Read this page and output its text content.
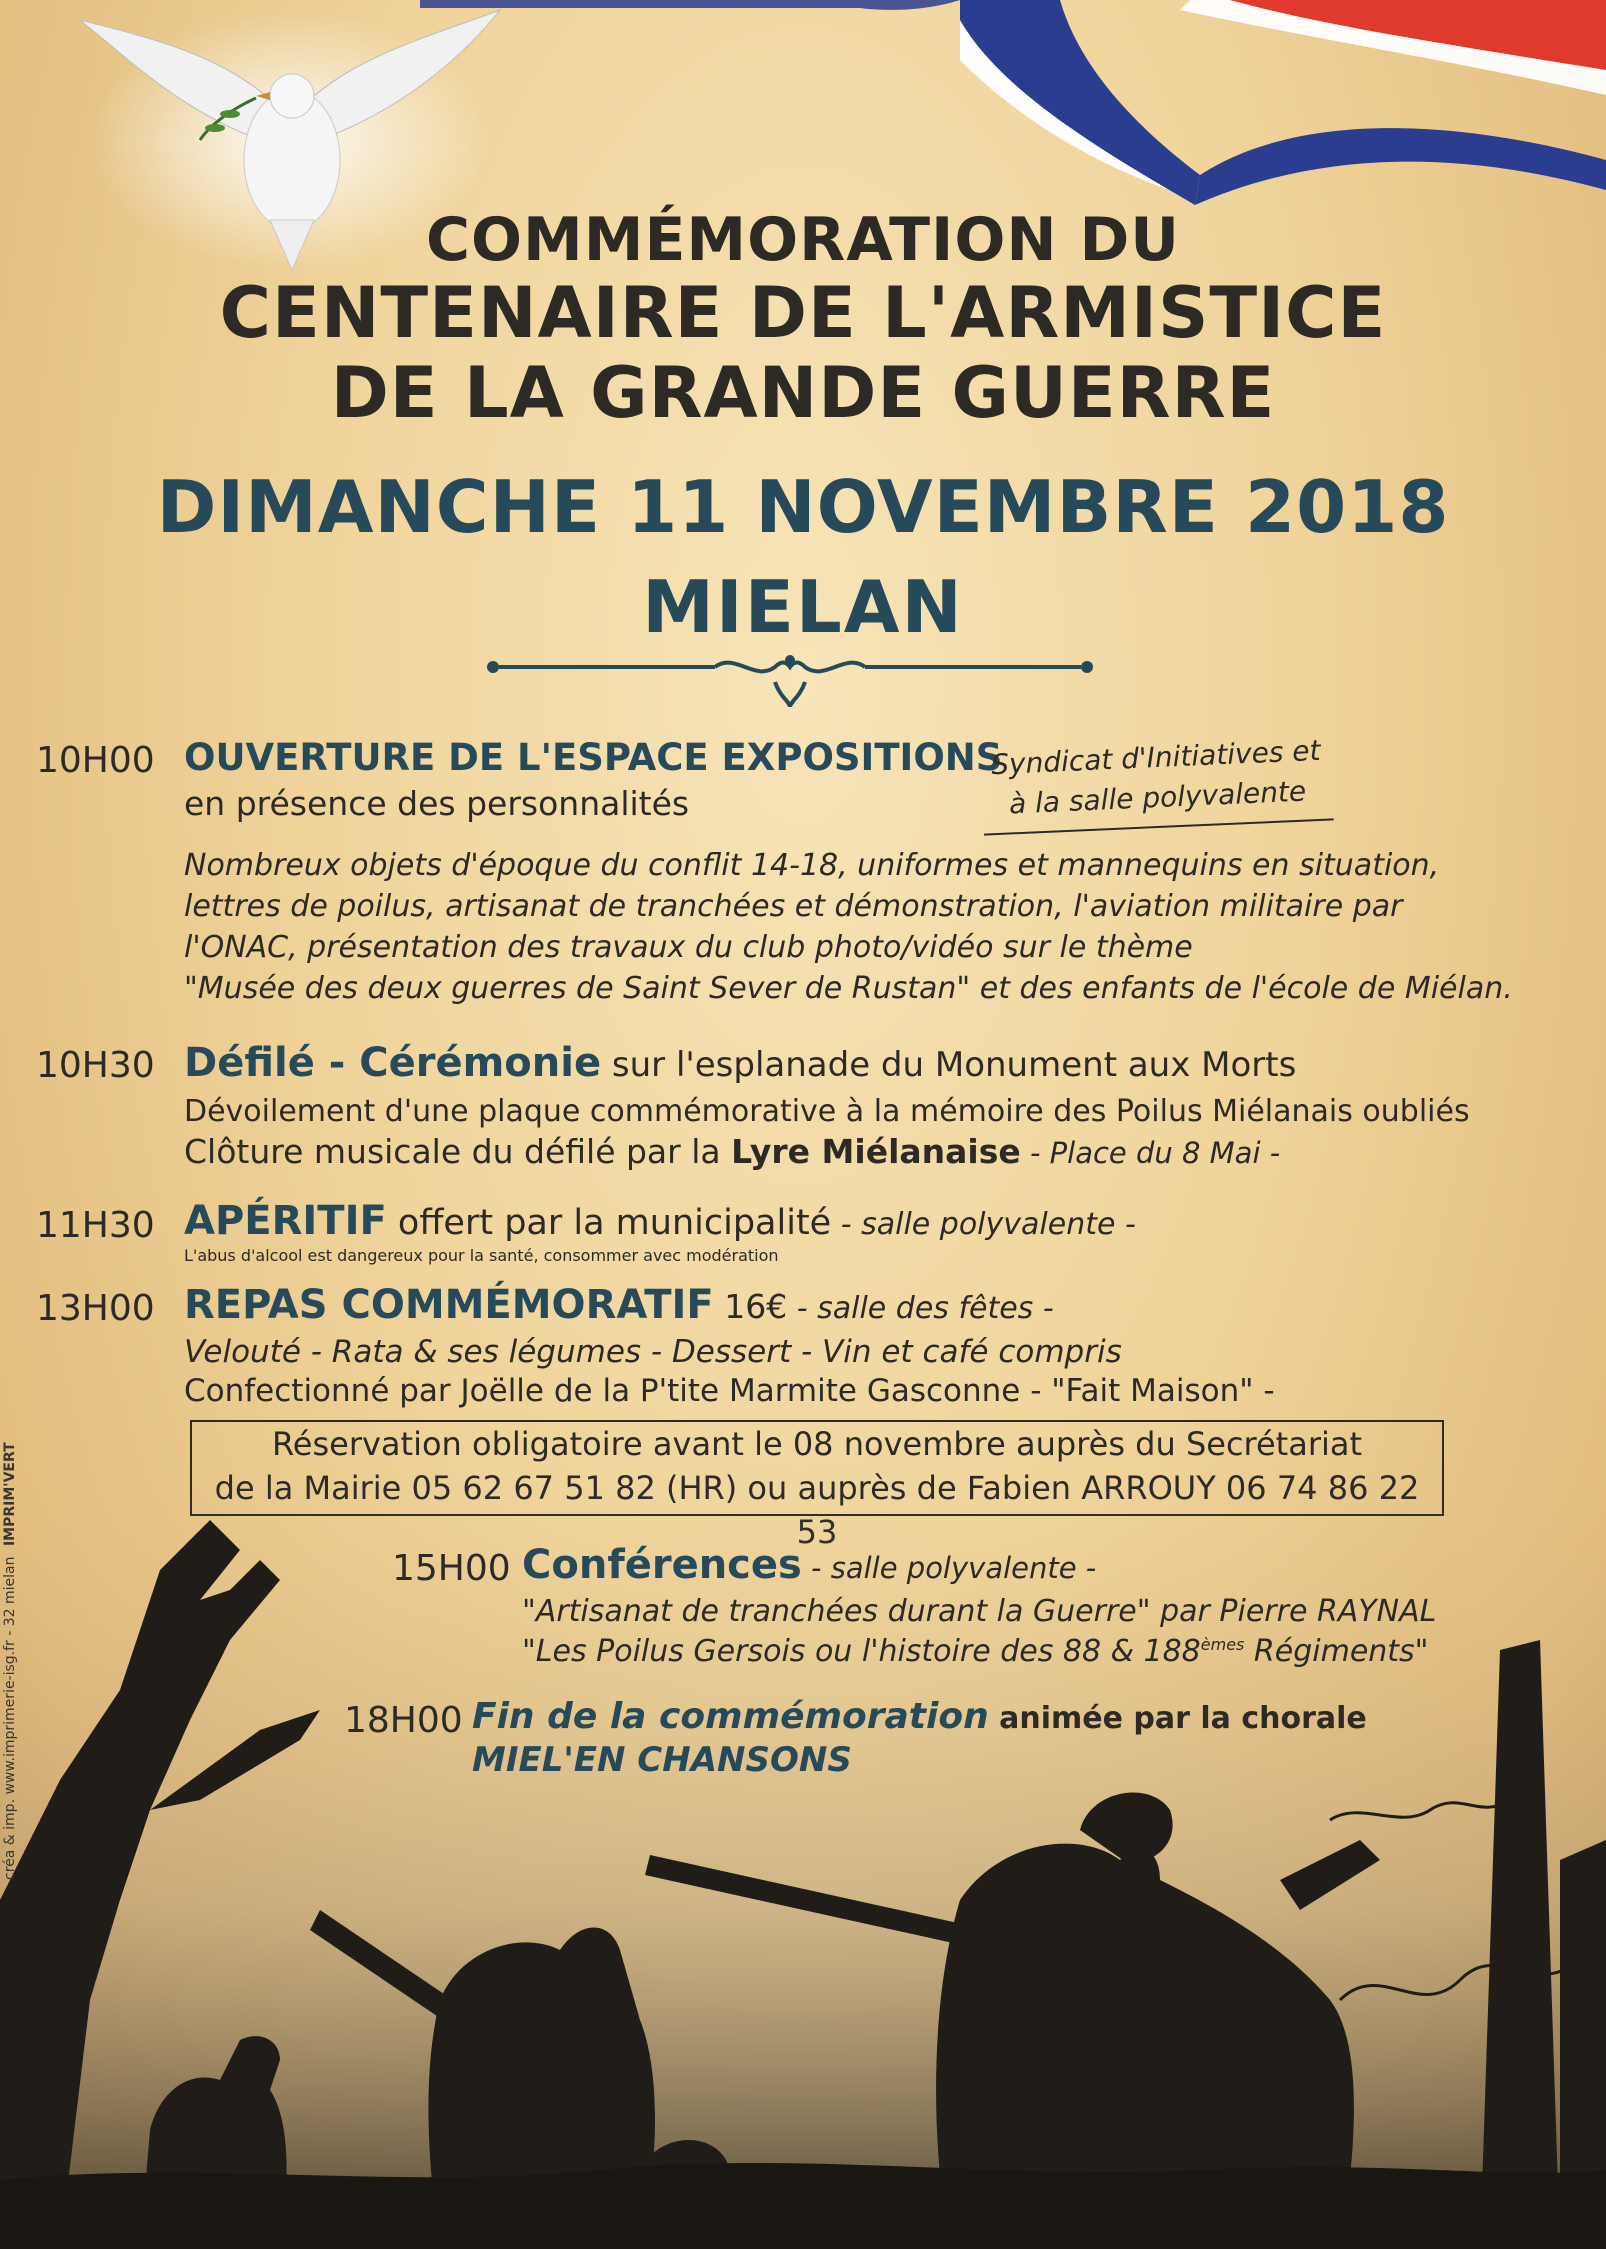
COMMÉMORATION DU
CENTENAIRE DE L'ARMISTICE
DE LA GRANDE GUERRE
DIMANCHE 11 NOVEMBRE 2018
MIELAN
10H00 OUVERTURE DE L'ESPACE EXPOSITIONS
en présence des personnalités
Syndicat d'Initiatives et
à la salle polyvalente
Nombreux objets d'époque du conflit 14-18, uniformes et mannequins en situation,
lettres de poilus, artisanat de tranchées et démonstration, l'aviation militaire par
l'ONAC, présentation des travaux du club photo/vidéo sur le thème
"Musée des deux guerres de Saint Sever de Rustan" et des enfants de l'école de Miélan.
10H30 Défilé - Cérémonie sur l'esplanade du Monument aux Morts
Dévoilement d'une plaque commémorative à la mémoire des Poilus Miélanais oubliés
Clôture musicale du défilé par la Lyre Miélanaise - Place du 8 Mai -
11H30 APÉRITIF offert par la municipalité - salle polyvalente -
L'abus d'alcool est dangereux pour la santé, consommer avec modération
13H00 REPAS COMMÉMORATIF 16€ - salle des fêtes -
Velouté - Rata & ses légumes - Dessert - Vin et café compris
Confectionné par Joëlle de la P'tite Marmite Gasconne - "Fait Maison" -
Réservation obligatoire avant le 08 novembre auprès du Secrétariat
15H00 Conférences - salle polyvalente -
"Artisanat de tranchées durant la Guerre" par Pierre RAYNAL
"Les Poilus Gersois ou l'histoire des 88 & 188èmes Régiments"
18H00 Fin de la commémoration animée par la chorale
MIEL'EN CHANSONS
créa & imp. www.imprimerie-isg.fr - 32 mielan IMPRIM'VERT
